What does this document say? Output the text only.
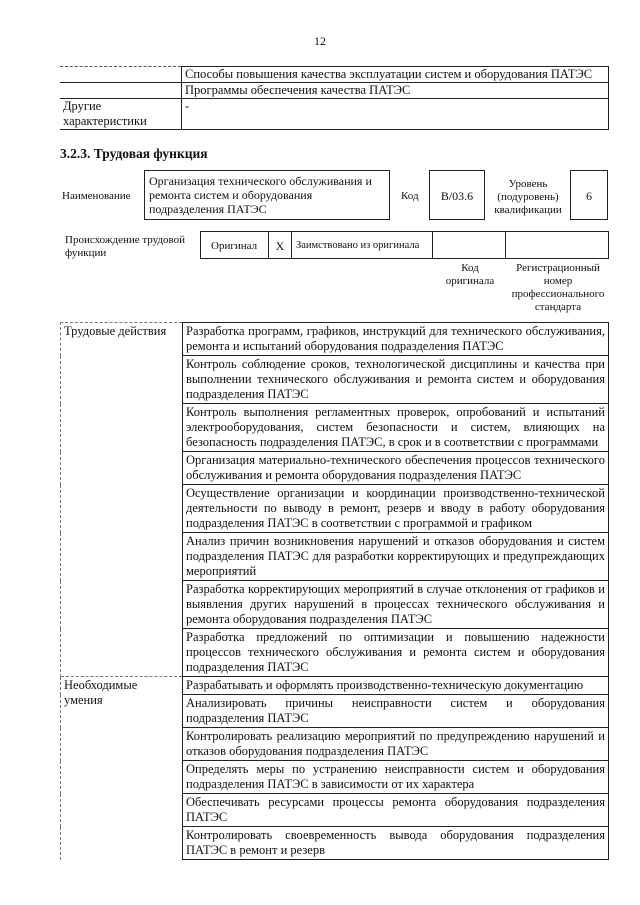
12
	Способы повышения качества эксплуатации систем и оборудования ПАТЭС
	Программы обеспечения качества ПАТЭС
Другие характеристики	-
3.2.3. Трудовая функция
Наименование
Организация технического обслуживания и ремонта систем и оборудования подразделения ПАТЭС
Код	B/03.6
Уровень (подуровень) квалификации
6
Происхождение трудовой функции
Оригинал	X	Заимствовано из оригинала
Код оригинала
Регистрационный номер профессионального стандарта
Трудовые действия	Разработка программ, графиков, инструкций для технического обслуживания, ремонта и испытаний оборудования подразделения ПАТЭС
	Контроль соблюдение сроков, технологической дисциплины и качества при выполнении технического обслуживания и ремонта систем и оборудования подразделения ПАТЭС
	Контроль выполнения регламентных проверок, опробований и испытаний электрооборудования, систем безопасности и систем, влияющих на безопасность подразделения ПАТЭС, в срок и в соответствии с программами
	Организация материально-технического обеспечения процессов технического обслуживания и ремонта оборудования подразделения ПАТЭС
	Осуществление организации и координации производственно-технической деятельности по выводу в ремонт, резерв и вводу в работу оборудования подразделения ПАТЭС в соответствии с программой и графиком
	Анализ причин возникновения нарушений и отказов оборудования и систем подразделения ПАТЭС для разработки корректирующих и предупреждающих мероприятий
	Разработка корректирующих мероприятий в случае отклонения от графиков и выявления других нарушений в процессах технического обслуживания и ремонта оборудования подразделения ПАТЭС
	Разработка предложений по оптимизации и повышению надежности процессов технического обслуживания и ремонта систем и оборудования подразделения ПАТЭС
Необходимые умения	Разрабатывать и оформлять производственно-техническую документацию
	Анализировать причины неисправности систем и оборудования подразделения ПАТЭС
	Контролировать реализацию мероприятий по предупреждению нарушений и отказов оборудования подразделения ПАТЭС
	Определять меры по устранению неисправности систем и оборудования подразделения ПАТЭС в зависимости от их характера
	Обеспечивать ресурсами процессы ремонта оборудования подразделения ПАТЭС
	Контролировать своевременность вывода оборудования подразделения ПАТЭС в ремонт и резерв
